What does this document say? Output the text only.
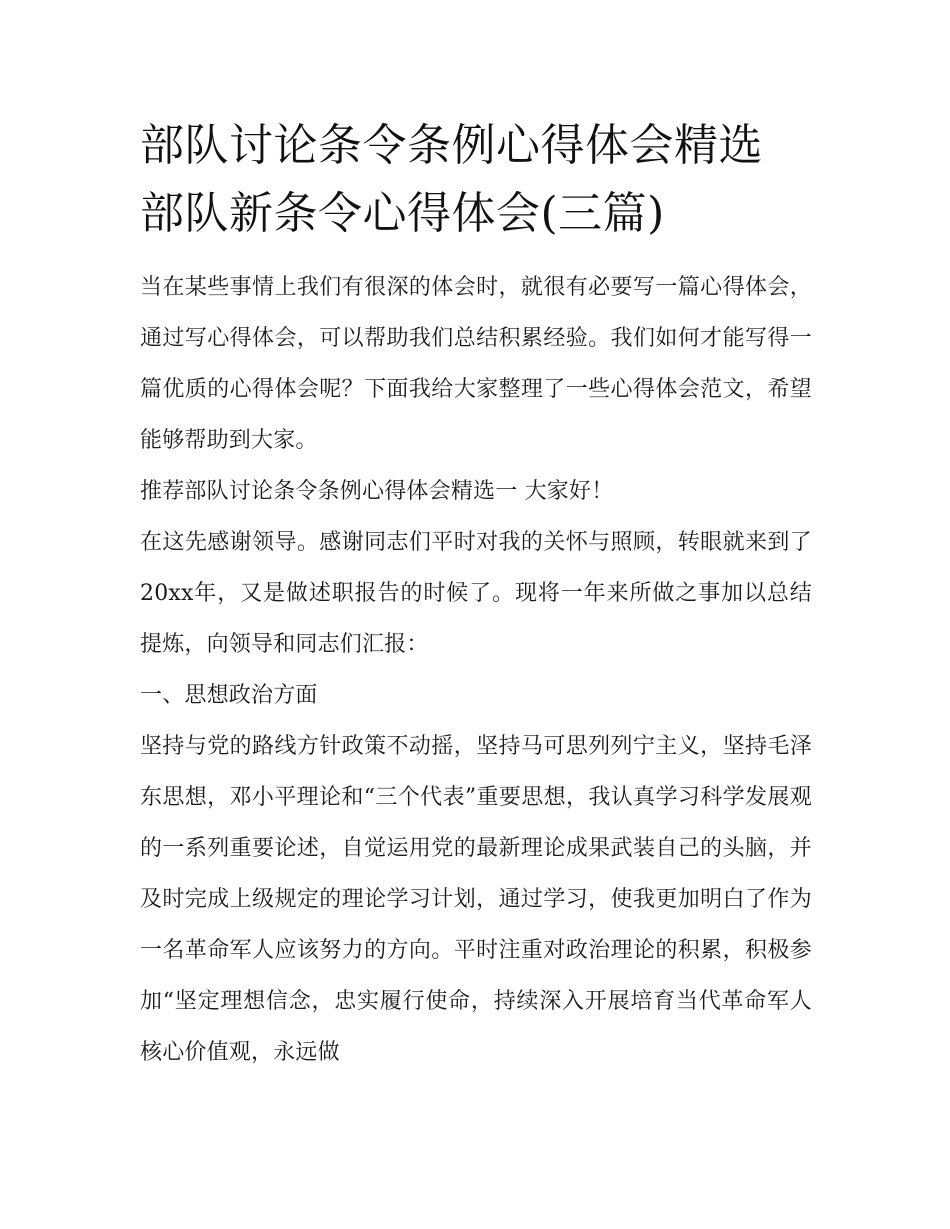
部队讨论条令条例心得体会精选 部队新条令心得体会(三篇)

当在某些事情上我们有很深的体会时，就很有必要写一篇心得体会，通过写心得体会，可以帮助我们总结积累经验。我们如何才能写得一篇优质的心得体会呢？下面我给大家整理了一些心得体会范文，希望能够帮助到大家。

推荐部队讨论条令条例心得体会精选一 大家好！

在这先感谢领导。感谢同志们平时对我的关怀与照顾，转眼就来到了20xx年，又是做述职报告的时候了。现将一年来所做之事加以总结提炼，向领导和同志们汇报：

一、思想政治方面

坚持与党的路线方针政策不动摇，坚持马可思列列宁主义，坚持毛泽东思想，邓小平理论和“三个代表”重要思想，我认真学习科学发展观的一系列重要论述，自觉运用党的最新理论成果武装自己的头脑，并及时完成上级规定的理论学习计划，通过学习，使我更加明白了作为一名革命军人应该努力的方向。平时注重对政治理论的积累，积极参加“坚定理想信念，忠实履行使命，持续深入开展培育当代革命军人核心价值观，永远做
